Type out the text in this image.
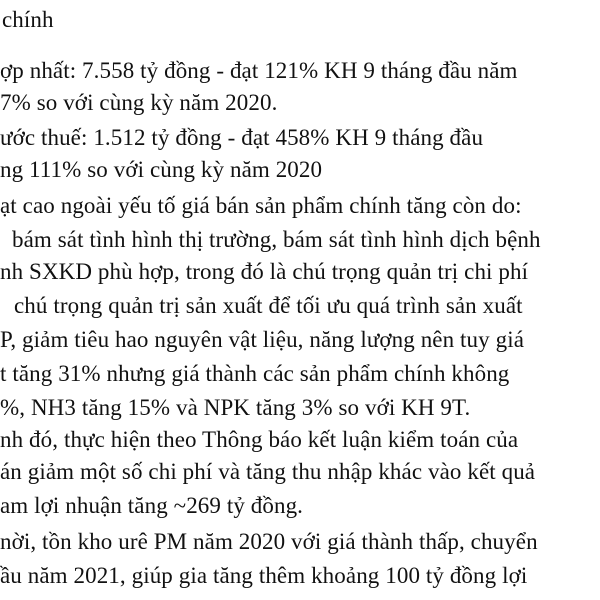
chính
ợp nhất: 7.558 tỷ đồng - đạt 121% KH 9 tháng đầu năm
7% so với cùng kỳ năm 2020.
ước thuế: 1.512 tỷ đồng - đạt 458% KH 9 tháng đầu
ng 111% so với cùng kỳ năm 2020
ạt cao ngoài yếu tố giá bán sản phẩm chính tăng còn do:
bám sát tình hình thị trường, bám sát tình hình dịch bệnh
nh SXKD phù hợp, trong đó là chú trọng quản trị chi phí
chú trọng quản trị sản xuất để tối ưu quá trình sản xuất
P, giảm tiêu hao nguyên vật liệu, năng lượng nên tuy giá
t tăng 31% nhưng giá thành các sản phẩm chính không
%, NH3 tăng 15% và NPK tăng 3% so với KH 9T.
nh đó, thực hiện theo Thông báo kết luận kiểm toán của
án giảm một số chi phí và tăng thu nhập khác vào kết quả
am lợi nhuận tăng ~269 tỷ đồng.
nời, tồn kho urê PM năm 2020 với giá thành thấp, chuyển
ầu năm 2021, giúp gia tăng thêm khoảng 100 tỷ đồng lợi
